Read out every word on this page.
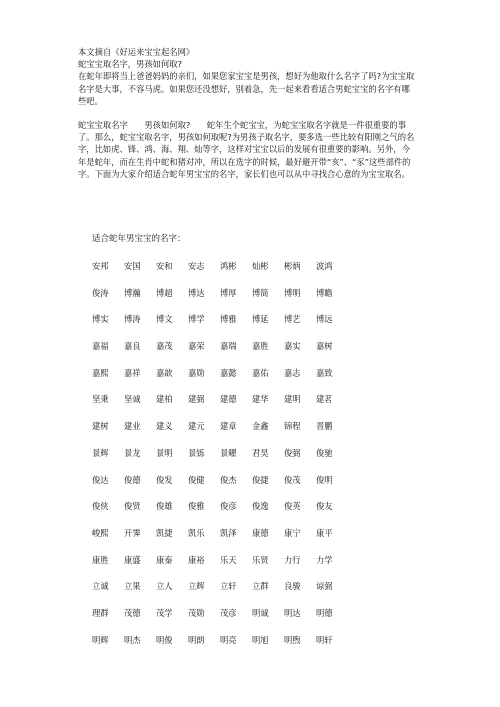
本文摘自《好运来宝宝起名网》

蛇宝宝取名字，男孩如何取?

在蛇年即将当上爸爸妈妈的亲们，如果您家宝宝是男孩，想好为他取什么名字了吗?为宝宝取名字是大事，不容马虎。如果您还没想好，别着急，先一起来看看适合男蛇宝宝的名字有哪些吧。

蛇宝宝取名字　　男孩如何取?　　蛇年生个蛇宝宝，为蛇宝宝取名字就是一件很重要的事了。那么，蛇宝宝取名字，男孩如何取呢?为男孩子取名字，要多选一些比较有阳刚之气的名字，比如虎、锋、鸿、海、翔、灿等字，这样对宝宝以后的发展有很重要的影响。另外，今年是蛇年，而在生肖中蛇和猪对冲，所以在选字的时候，最好避开带“亥”、“豕”这些部件的字。下面为大家介绍适合蛇年男宝宝的名字，家长们也可以从中寻找合心意的为宝宝取名。

适合蛇年男宝宝的名字：
安邦	安国	安和	安志	鸿彬	灿彬	彬炳	波鸿
俊涛	博瀚	博超	博达	博厚	博简	博明	博瞻
博实	博涛	博文	博学	博雅	博延	博艺	博远
嘉福	嘉良	嘉茂	嘉荣	嘉瑞	嘉胜	嘉实	嘉树
嘉熙	嘉祥	嘉歆	嘉勋	嘉懿	嘉佑	嘉志	嘉致
坚秉	坚诚	建柏	建弼	建德	建华	建明	建茗
建树	建业	建义	建元	建章	金鑫	锦程	晋鹏
景辉	景龙	景明	景铄	景曜	君昊	俊弼	俊驰
俊达	俊德	俊发	俊健	俊杰	俊捷	俊茂	俊明
俊侠	俊贤	俊雄	俊雅	俊彦	俊逸	俊英	俊友
峻熙	开霁	凯捷	凯乐	凯泽	康德	康宁	康平
康胜	康盛	康泰	康裕	乐天	乐贤	力行	力学
立诚	立果	立人	立辉	立轩	立群	良骏	谅弼
理群	茂德	茂学	茂勋	茂彦	明诚	明达	明德
明辉	明杰	明俊	明朗	明亮	明旭	明煦	明轩
